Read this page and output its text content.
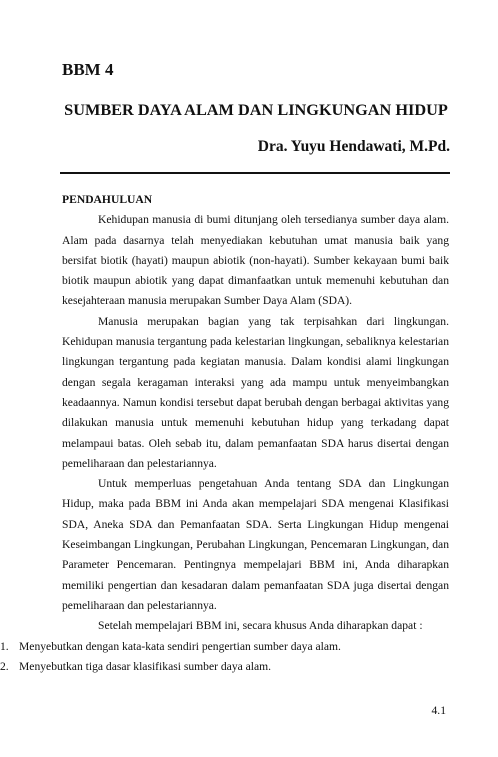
BBM 4
SUMBER DAYA ALAM DAN LINGKUNGAN HIDUP

Dra. Yuyu Hendawati, M.Pd.

PENDAHULUAN

Kehidupan manusia di bumi ditunjang oleh tersedianya sumber daya alam. Alam pada dasarnya telah menyediakan kebutuhan umat manusia baik yang bersifat biotik (hayati) maupun abiotik (non-hayati). Sumber kekayaan bumi baik biotik maupun abiotik yang dapat dimanfaatkan untuk memenuhi kebutuhan dan kesejahteraan manusia merupakan Sumber Daya Alam (SDA).

Manusia merupakan bagian yang tak terpisahkan dari lingkungan. Kehidupan manusia tergantung pada kelestarian lingkungan, sebaliknya kelestarian lingkungan tergantung pada kegiatan manusia. Dalam kondisi alami lingkungan dengan segala keragaman interaksi yang ada mampu untuk menyeimbangkan keadaannya. Namun kondisi tersebut dapat berubah dengan berbagai aktivitas yang dilakukan manusia untuk memenuhi kebutuhan hidup yang terkadang dapat melampaui batas. Oleh sebab itu, dalam pemanfaatan SDA harus disertai dengan pemeliharaan dan pelestariannya.

Untuk memperluas pengetahuan Anda tentang SDA dan Lingkungan Hidup, maka pada BBM ini Anda akan mempelajari SDA mengenai Klasifikasi SDA, Aneka SDA dan Pemanfaatan SDA. Serta Lingkungan Hidup mengenai Keseimbangan Lingkungan, Perubahan Lingkungan, Pencemaran Lingkungan, dan Parameter Pencemaran. Pentingnya mempelajari BBM ini, Anda diharapkan memiliki pengertian dan kesadaran dalam pemanfaatan SDA juga disertai dengan pemeliharaan dan pelestariannya.

Setelah mempelajari BBM ini, secara khusus Anda diharapkan dapat :

1. Menyebutkan dengan kata-kata sendiri pengertian sumber daya alam.
2. Menyebutkan tiga dasar klasifikasi sumber daya alam.

4.1
